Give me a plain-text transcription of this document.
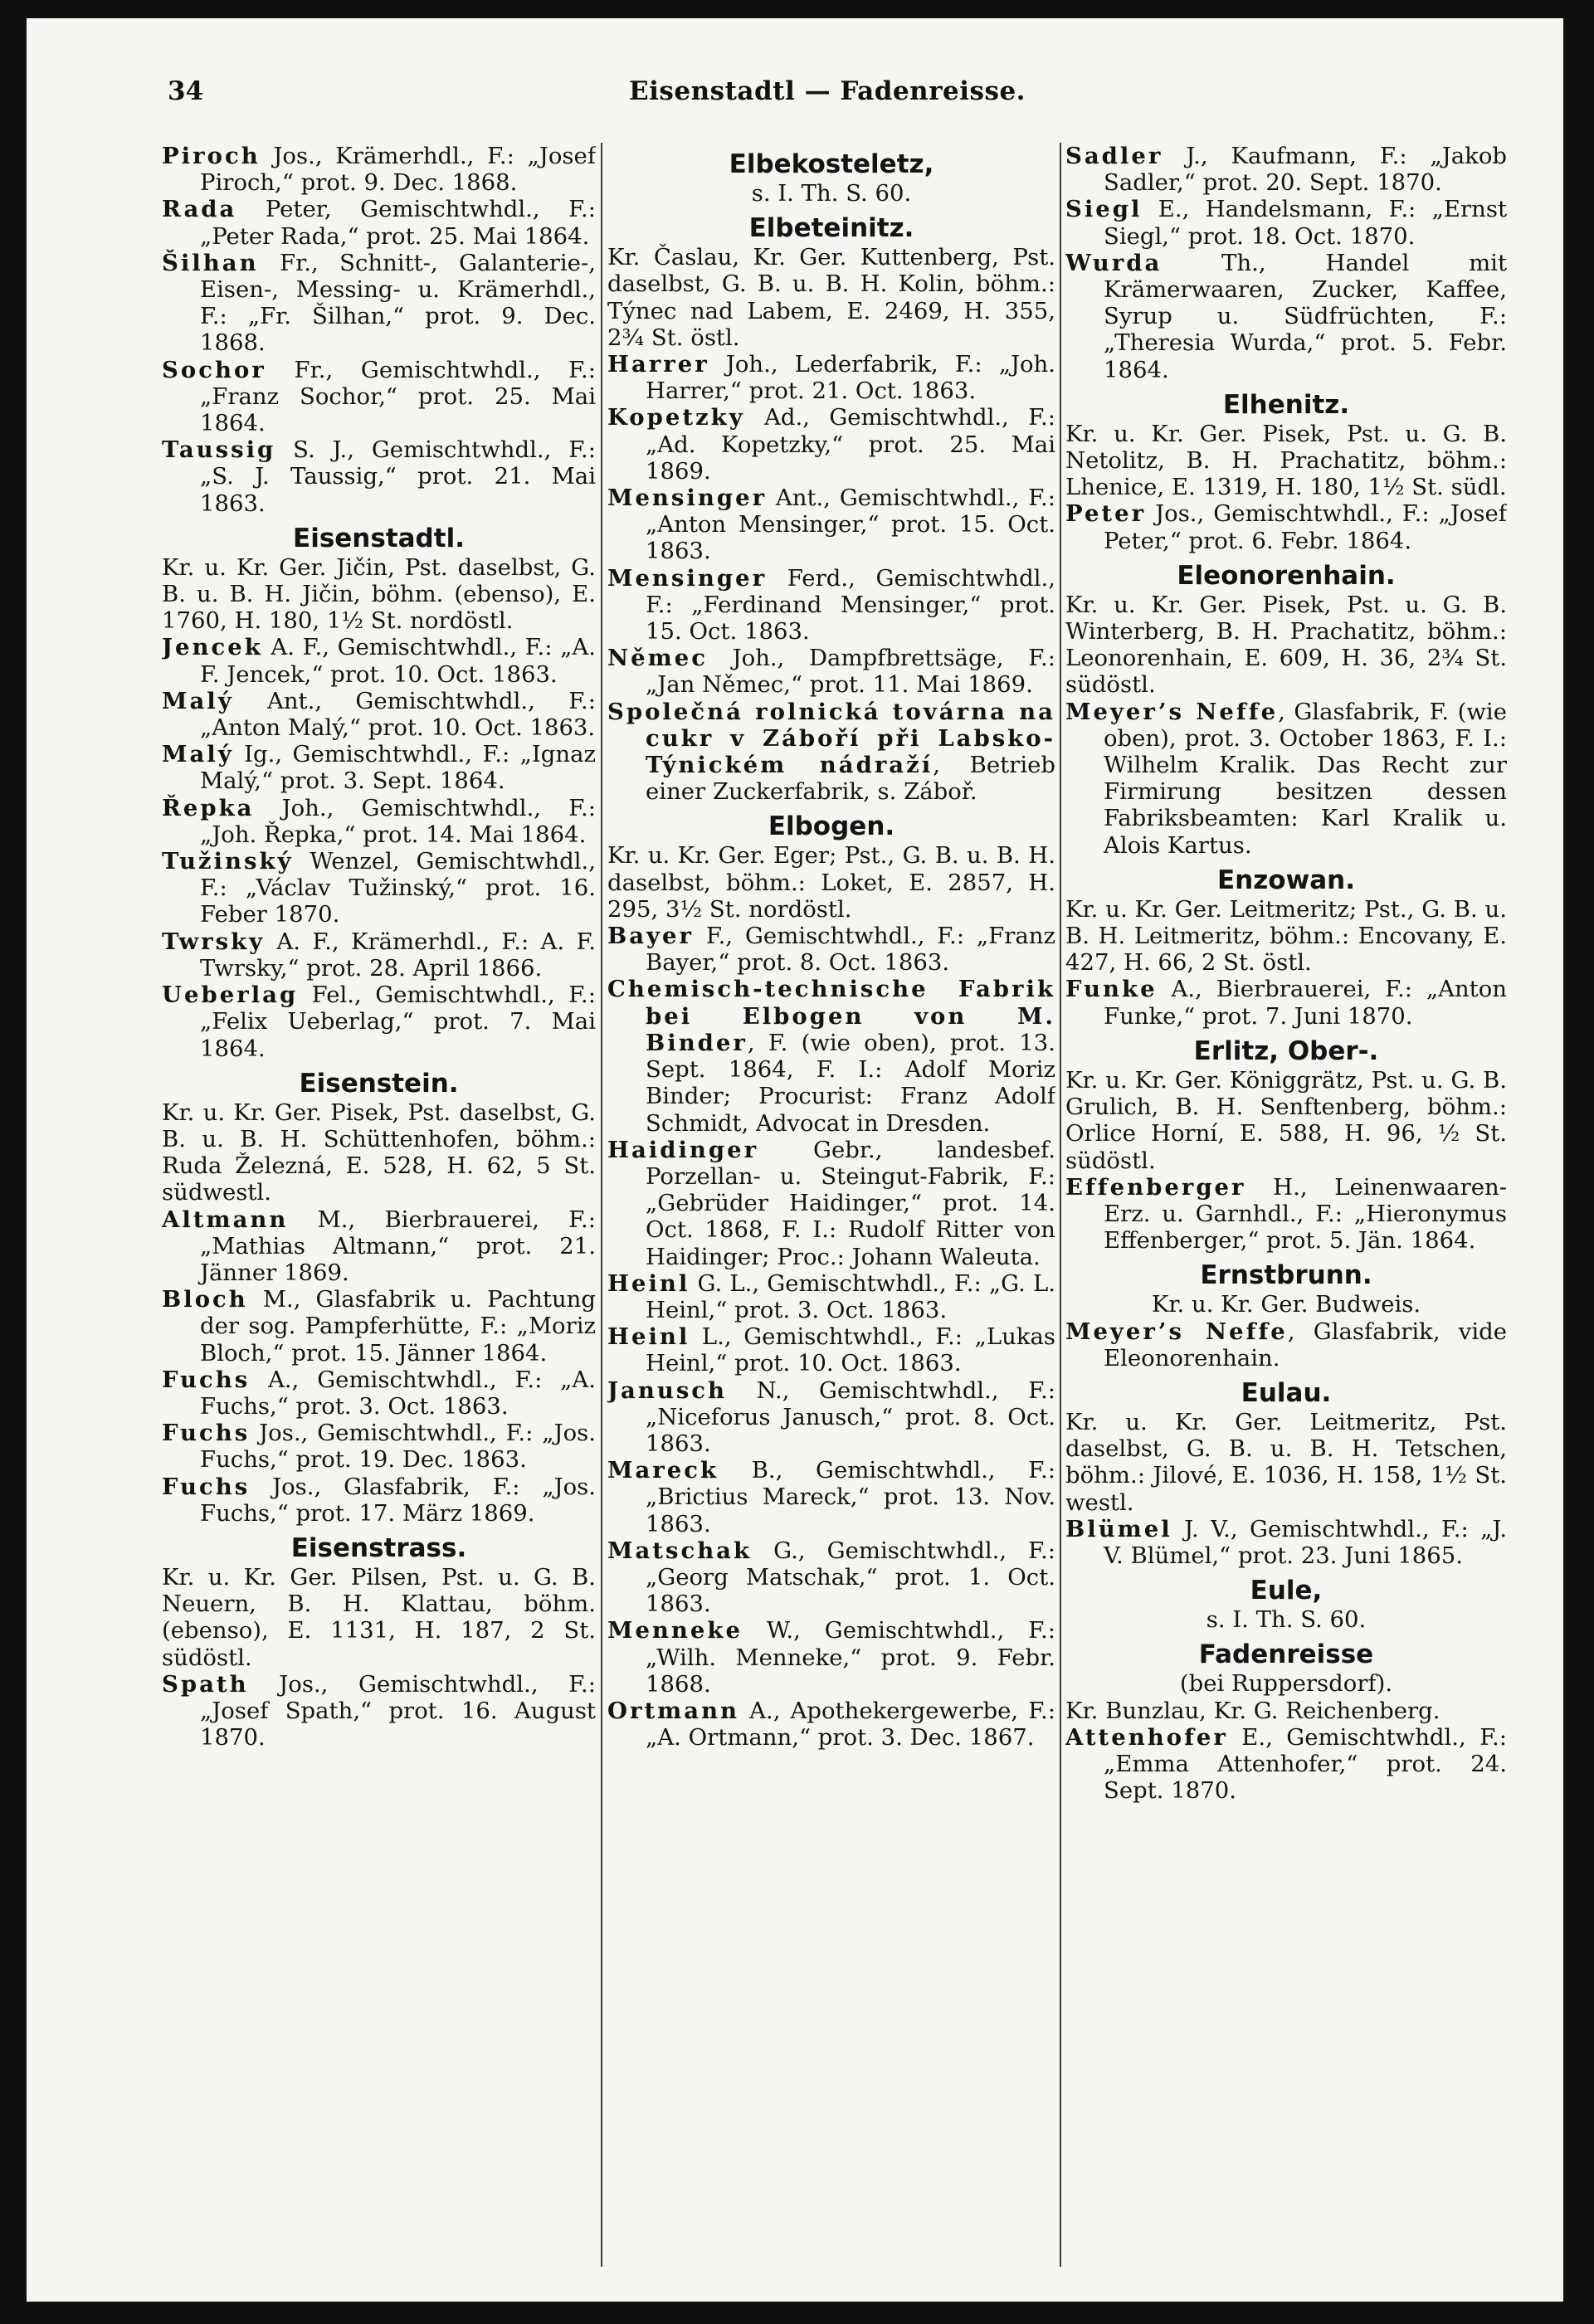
34	Eisenstadtl — Fadenreisse.
Piroch Jos., Krämerhdl., F.: „Josef Piroch,“ prot. 9. Dec. 1868.
Rada Peter, Gemischtwhdl., F.: „Peter Rada,“ prot. 25. Mai 1864.
Šilhan Fr., Schnitt-, Galanterie-, Eisen-, Messing- u. Krämerhdl., F.: „Fr. Šilhan,“ prot. 9. Dec. 1868.
Sochor Fr., Gemischtwhdl., F.: „Franz Sochor,“ prot. 25. Mai 1864.
Taussig S. J., Gemischtwhdl., F.: „S. J. Taussig,“ prot. 21. Mai 1863.
Eisenstadtl.
Kr. u. Kr. Ger. Jičin, Pst. daselbst, G. B. u. B. H. Jičin, böhm. (ebenso), E. 1760, H. 180, 1½ St. nordöstl.
Jencek A. F., Gemischtwhdl., F.: „A. F. Jencek,“ prot. 10. Oct. 1863.
Malý Ant., Gemischtwhdl., F.: „Anton Malý,“ prot. 10. Oct. 1863.
Malý Ig., Gemischtwhdl., F.: „Ignaz Malý,“ prot. 3. Sept. 1864.
Řepka Joh., Gemischtwhdl., F.: „Joh. Řepka,“ prot. 14. Mai 1864.
Tužinský Wenzel, Gemischtwhdl., F.: „Václav Tužinský,“ prot. 16. Feber 1870.
Twrsky A. F., Krämerhdl., F.: A. F. Twrsky,“ prot. 28. April 1866.
Ueberlag Fel., Gemischtwhdl., F.: „Felix Ueberlag,“ prot. 7. Mai 1864.
Eisenstein.
Kr. u. Kr. Ger. Pisek, Pst. daselbst, G. B. u. B. H. Schüttenhofen, böhm.: Ruda Železná, E. 528, H. 62, 5 St. südwestl.
Altmann M., Bierbrauerei, F.: „Mathias Altmann,“ prot. 21. Jänner 1869.
Bloch M., Glasfabrik u. Pachtung der sog. Pampferhütte, F.: „Moriz Bloch,“ prot. 15. Jänner 1864.
Fuchs A., Gemischtwhdl., F.: „A. Fuchs,“ prot. 3. Oct. 1863.
Fuchs Jos., Gemischtwhdl., F.: „Jos. Fuchs,“ prot. 19. Dec. 1863.
Fuchs Jos., Glasfabrik, F.: „Jos. Fuchs,“ prot. 17. März 1869.
Eisenstrass.
Kr. u. Kr. Ger. Pilsen, Pst. u. G. B. Neuern, B. H. Klattau, böhm. (ebenso), E. 1131, H. 187, 2 St. südöstl.
Spath Jos., Gemischtwhdl., F.: „Josef Spath,“ prot. 16. August 1870.
Elbekosteletz,
s. I. Th. S. 60.
Elbeteinitz.
Kr. Časlau, Kr. Ger. Kuttenberg, Pst. daselbst, G. B. u. B. H. Kolin, böhm.: Týnec nad Labem, E. 2469, H. 355, 2¾ St. östl.
Harrer Joh., Lederfabrik, F.: „Joh. Harrer,“ prot. 21. Oct. 1863.
Kopetzky Ad., Gemischtwhdl., F.: „Ad. Kopetzky,“ prot. 25. Mai 1869.
Mensinger Ant., Gemischtwhdl., F.: „Anton Mensinger,“ prot. 15. Oct. 1863.
Mensinger Ferd., Gemischtwhdl., F.: „Ferdinand Mensinger,“ prot. 15. Oct. 1863.
Němec Joh., Dampfbrettsäge, F.: „Jan Němec,“ prot. 11. Mai 1869.
Společná rolnická továrna na cukr v Záboří při Labsko-Týnickém nádraží, Betrieb einer Zuckerfabrik, s. Záboř.
Elbogen.
Kr. u. Kr. Ger. Eger; Pst., G. B. u. B. H. daselbst, böhm.: Loket, E. 2857, H. 295, 3½ St. nordöstl.
Bayer F., Gemischtwhdl., F.: „Franz Bayer,“ prot. 8. Oct. 1863.
Chemisch-technische Fabrik bei Elbogen von M. Binder, F. (wie oben), prot. 13. Sept. 1864, F. I.: Adolf Moriz Binder; Procurist: Franz Adolf Schmidt, Advocat in Dresden.
Haidinger Gebr., landesbef. Porzellan- u. Steingut-Fabrik, F.: „Gebrüder Haidinger,“ prot. 14. Oct. 1868, F. I.: Rudolf Ritter von Haidinger; Proc.: Johann Waleuta.
Heinl G. L., Gemischtwhdl., F.: „G. L. Heinl,“ prot. 3. Oct. 1863.
Heinl L., Gemischtwhdl., F.: „Lukas Heinl,“ prot. 10. Oct. 1863.
Janusch N., Gemischtwhdl., F.: „Niceforus Janusch,“ prot. 8. Oct. 1863.
Mareck B., Gemischtwhdl., F.: „Brictius Mareck,“ prot. 13. Nov. 1863.
Matschak G., Gemischtwhdl., F.: „Georg Matschak,“ prot. 1. Oct. 1863.
Menneke W., Gemischtwhdl., F.: „Wilh. Menneke,“ prot. 9. Febr. 1868.
Ortmann A., Apothekergewerbe, F.: „A. Ortmann,“ prot. 3. Dec. 1867.
Sadler J., Kaufmann, F.: „Jakob Sadler,“ prot. 20. Sept. 1870.
Siegl E., Handelsmann, F.: „Ernst Siegl,“ prot. 18. Oct. 1870.
Wurda Th., Handel mit Krämerwaaren, Zucker, Kaffee, Syrup u. Südfrüchten, F.: „Theresia Wurda,“ prot. 5. Febr. 1864.
Elhenitz.
Kr. u. Kr. Ger. Pisek, Pst. u. G. B. Netolitz, B. H. Prachatitz, böhm.: Lhenice, E. 1319, H. 180, 1½ St. südl.
Peter Jos., Gemischtwhdl., F.: „Josef Peter,“ prot. 6. Febr. 1864.
Eleonorenhain.
Kr. u. Kr. Ger. Pisek, Pst. u. G. B. Winterberg, B. H. Prachatitz, böhm.: Leonorenhain, E. 609, H. 36, 2¾ St. südöstl.
Meyer’s Neffe, Glasfabrik, F. (wie oben), prot. 3. October 1863, F. I.: Wilhelm Kralik. Das Recht zur Firmirung besitzen dessen Fabriksbeamten: Karl Kralik u. Alois Kartus.
Enzowan.
Kr. u. Kr. Ger. Leitmeritz; Pst., G. B. u. B. H. Leitmeritz, böhm.: Encovany, E. 427, H. 66, 2 St. östl.
Funke A., Bierbrauerei, F.: „Anton Funke,“ prot. 7. Juni 1870.
Erlitz, Ober-.
Kr. u. Kr. Ger. Königgrätz, Pst. u. G. B. Grulich, B. H. Senftenberg, böhm.: Orlice Horní, E. 588, H. 96, ½ St. südöstl.
Effenberger H., Leinenwaaren-Erz. u. Garnhdl., F.: „Hieronymus Effenberger,“ prot. 5. Jän. 1864.
Ernstbrunn.
Kr. u. Kr. Ger. Budweis.
Meyer’s Neffe, Glasfabrik, vide Eleonorenhain.
Eulau.
Kr. u. Kr. Ger. Leitmeritz, Pst. daselbst, G. B. u. B. H. Tetschen, böhm.: Jilové, E. 1036, H. 158, 1½ St. westl.
Blümel J. V., Gemischtwhdl., F.: „J. V. Blümel,“ prot. 23. Juni 1865.
Eule,
s. I. Th. S. 60.
Fadenreisse
(bei Ruppersdorf).
Kr. Bunzlau, Kr. G. Reichenberg.
Attenhofer E., Gemischtwhdl., F.: „Emma Attenhofer,“ prot. 24. Sept. 1870.
